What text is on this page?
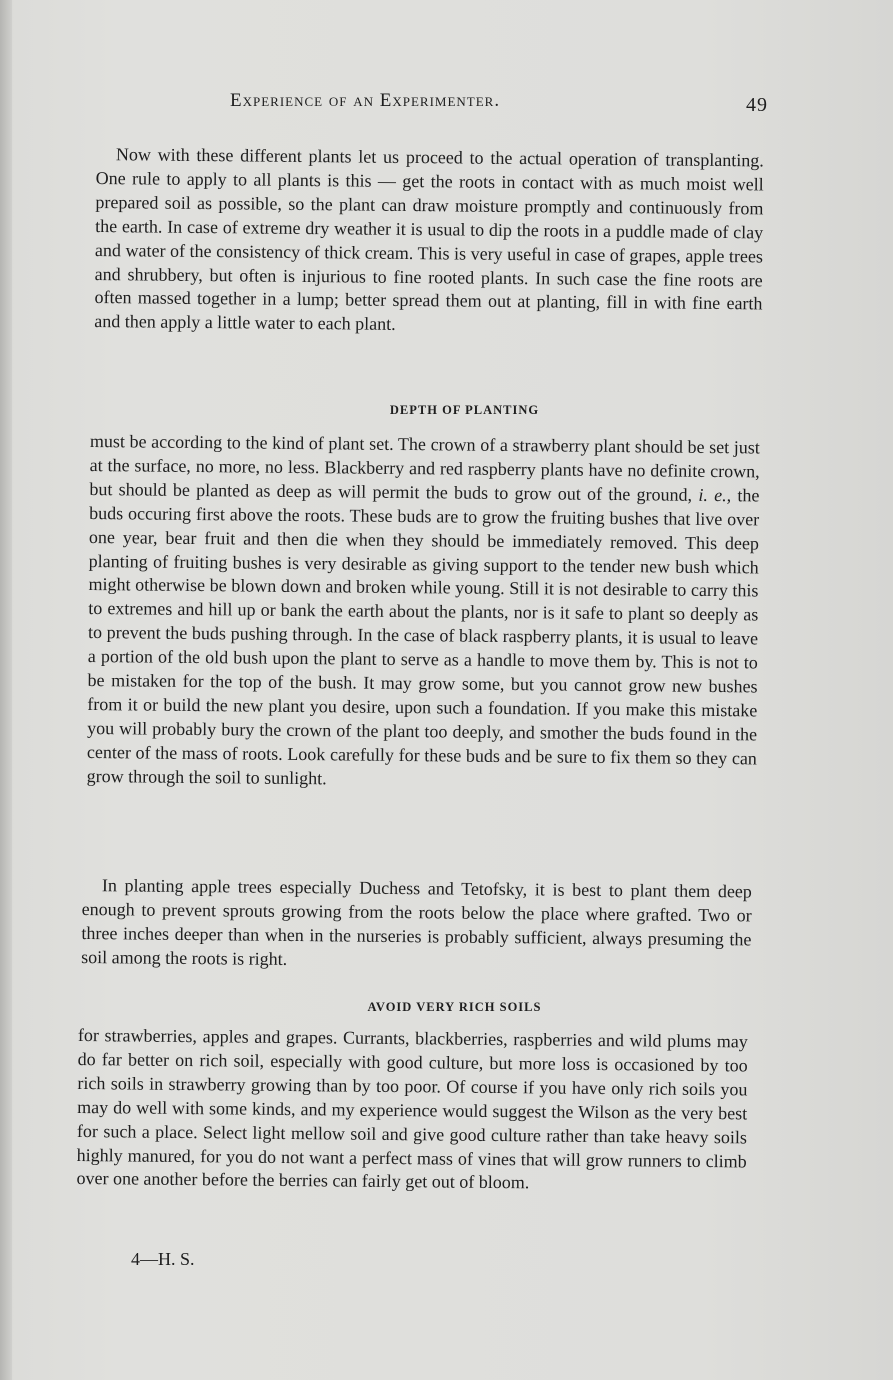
Experience of an Experimenter.	49

Now with these different plants let us proceed to the actual operation of transplanting. One rule to apply to all plants is this — get the roots in contact with as much moist well prepared soil as possible, so the plant can draw moisture promptly and continuously from the earth. In case of extreme dry weather it is usual to dip the roots in a puddle made of clay and water of the consistency of thick cream. This is very useful in case of grapes, apple trees and shrubbery, but often is injurious to fine rooted plants. In such case the fine roots are often massed together in a lump; better spread them out at planting, fill in with fine earth and then apply a little water to each plant.

DEPTH OF PLANTING

must be according to the kind of plant set. The crown of a strawberry plant should be set just at the surface, no more, no less. Blackberry and red raspberry plants have no definite crown, but should be planted as deep as will permit the buds to grow out of the ground, i. e., the buds occuring first above the roots. These buds are to grow the fruiting bushes that live over one year, bear fruit and then die when they should be immediately removed. This deep planting of fruiting bushes is very desirable as giving support to the tender new bush which might otherwise be blown down and broken while young. Still it is not desirable to carry this to extremes and hill up or bank the earth about the plants, nor is it safe to plant so deeply as to prevent the buds pushing through. In the case of black raspberry plants, it is usual to leave a portion of the old bush upon the plant to serve as a handle to move them by. This is not to be mistaken for the top of the bush. It may grow some, but you cannot grow new bushes from it or build the new plant you desire, upon such a foundation. If you make this mistake you will probably bury the crown of the plant too deeply, and smother the buds found in the center of the mass of roots. Look carefully for these buds and be sure to fix them so they can grow through the soil to sunlight.

In planting apple trees especially Duchess and Tetofsky, it is best to plant them deep enough to prevent sprouts growing from the roots below the place where grafted. Two or three inches deeper than when in the nurseries is probably sufficient, always presuming the soil among the roots is right.

AVOID VERY RICH SOILS

for strawberries, apples and grapes. Currants, blackberries, raspberries and wild plums may do far better on rich soil, especially with good culture, but more loss is occasioned by too rich soils in strawberry growing than by too poor. Of course if you have only rich soils you may do well with some kinds, and my experience would suggest the Wilson as the very best for such a place. Select light mellow soil and give good culture rather than take heavy soils highly manured, for you do not want a perfect mass of vines that will grow runners to climb over one another before the berries can fairly get out of bloom.

4—H. S.
